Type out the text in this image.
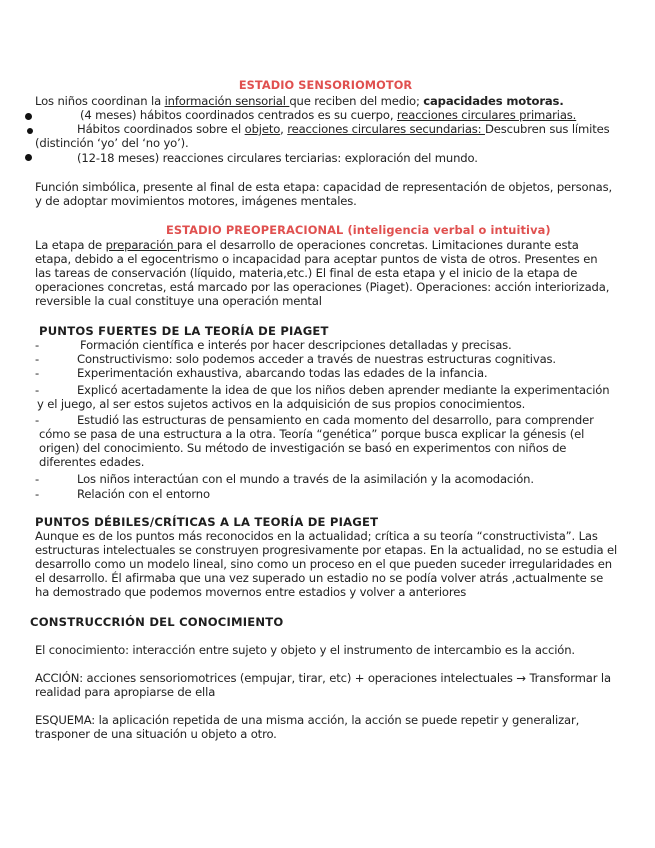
ESTADIO SENSORIOMOTOR
Los niños coordinan la información sensorial que reciben del medio; capacidades motoras.
(4 meses) hábitos coordinados centrados es su cuerpo, reacciones circulares primarias.
Hábitos coordinados sobre el objeto, reacciones circulares secundarias: Descubren sus límites
(distinción ‘yo’ del ‘no yo’).
(12-18 meses) reacciones circulares terciarias: exploración del mundo.
Función simbólica, presente al final de esta etapa: capacidad de representación de objetos, personas,
y de adoptar movimientos motores, imágenes mentales.
ESTADIO PREOPERACIONAL (inteligencia verbal o intuitiva)
La etapa de preparación para el desarrollo de operaciones concretas. Limitaciones durante esta
etapa, debido a el egocentrismo o incapacidad para aceptar puntos de vista de otros. Presentes en
las tareas de conservación (líquido, materia,etc.) El final de esta etapa y el inicio de la etapa de
operaciones concretas, está marcado por las operaciones (Piaget). Operaciones: acción interiorizada,
reversible la cual constituye una operación mental
PUNTOS FUERTES DE LA TEORÍA DE PIAGET
-	Formación científica e interés por hacer descripciones detalladas y precisas.
-	Constructivismo: solo podemos acceder a través de nuestras estructuras cognitivas.
-	Experimentación exhaustiva, abarcando todas las edades de la infancia.
-	Explicó acertadamente la idea de que los niños deben aprender mediante la experimentación
y el juego, al ser estos sujetos activos en la adquisición de sus propios conocimientos.
-	Estudió las estructuras de pensamiento en cada momento del desarrollo, para comprender
cómo se pasa de una estructura a la otra. Teoría “genética” porque busca explicar la génesis (el
origen) del conocimiento. Su método de investigación se basó en experimentos con niños de
diferentes edades.
-	Los niños interactúan con el mundo a través de la asimilación y la acomodación.
-	Relación con el entorno
PUNTOS DÉBILES/CRÍTICAS A LA TEORÍA DE PIAGET
Aunque es de los puntos más reconocidos en la actualidad; crítica a su teoría “constructivista”. Las
estructuras intelectuales se construyen progresivamente por etapas. En la actualidad, no se estudia el
desarrollo como un modelo lineal, sino como un proceso en el que pueden suceder irregularidades en
el desarrollo. Él afirmaba que una vez superado un estadio no se podía volver atrás ,actualmente se
ha demostrado que podemos movernos entre estadios y volver a anteriores
CONSTRUCCRIÓN DEL CONOCIMIENTO
El conocimiento: interacción entre sujeto y objeto y el instrumento de intercambio es la acción.
ACCIÓN: acciones sensoriomotrices (empujar, tirar, etc) + operaciones intelectuales → Transformar la
realidad para apropiarse de ella
ESQUEMA: la aplicación repetida de una misma acción, la acción se puede repetir y generalizar,
trasponer de una situación u objeto a otro.
